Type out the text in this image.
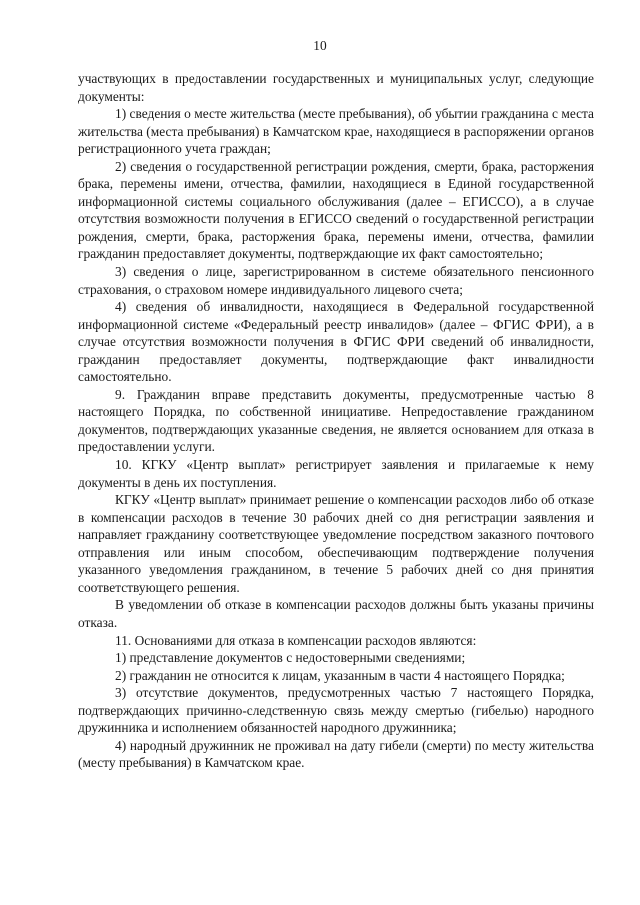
10

участвующих в предоставлении государственных и муниципальных услуг, следующие документы:

1) сведения о месте жительства (месте пребывания), об убытии гражданина с места жительства (места пребывания) в Камчатском крае, находящиеся в распоряжении органов регистрационного учета граждан;

2) сведения о государственной регистрации рождения, смерти, брака, расторжения брака, перемены имени, отчества, фамилии, находящиеся в Единой государственной информационной системы социального обслуживания (далее – ЕГИССО), а в случае отсутствия возможности получения в ЕГИССО сведений о государственной регистрации рождения, смерти, брака, расторжения брака, перемены имени, отчества, фамилии гражданин предоставляет документы, подтверждающие их факт самостоятельно;

3) сведения о лице, зарегистрированном в системе обязательного пенсионного страхования, о страховом номере индивидуального лицевого счета;

4) сведения об инвалидности, находящиеся в Федеральной государственной информационной системе «Федеральный реестр инвалидов» (далее – ФГИС ФРИ), а в случае отсутствия возможности получения в ФГИС ФРИ сведений об инвалидности, гражданин предоставляет документы, подтверждающие факт инвалидности самостоятельно.

9. Гражданин вправе представить документы, предусмотренные частью 8 настоящего Порядка, по собственной инициативе. Непредоставление гражданином документов, подтверждающих указанные сведения, не является основанием для отказа в предоставлении услуги.

10. КГКУ «Центр выплат» регистрирует заявления и прилагаемые к нему документы в день их поступления.

КГКУ «Центр выплат» принимает решение о компенсации расходов либо об отказе в компенсации расходов в течение 30 рабочих дней со дня регистрации заявления и направляет гражданину соответствующее уведомление посредством заказного почтового отправления или иным способом, обеспечивающим подтверждение получения указанного уведомления гражданином, в течение 5 рабочих дней со дня принятия соответствующего решения.

В уведомлении об отказе в компенсации расходов должны быть указаны причины отказа.

11. Основаниями для отказа в компенсации расходов являются:

1) представление документов с недостоверными сведениями;

2) гражданин не относится к лицам, указанным в части 4 настоящего Порядка;

3) отсутствие документов, предусмотренных частью 7 настоящего Порядка, подтверждающих причинно-следственную связь между смертью (гибелью) народного дружинника и исполнением обязанностей народного дружинника;

4) народный дружинник не проживал на дату гибели (смерти) по месту жительства (месту пребывания) в Камчатском крае.
